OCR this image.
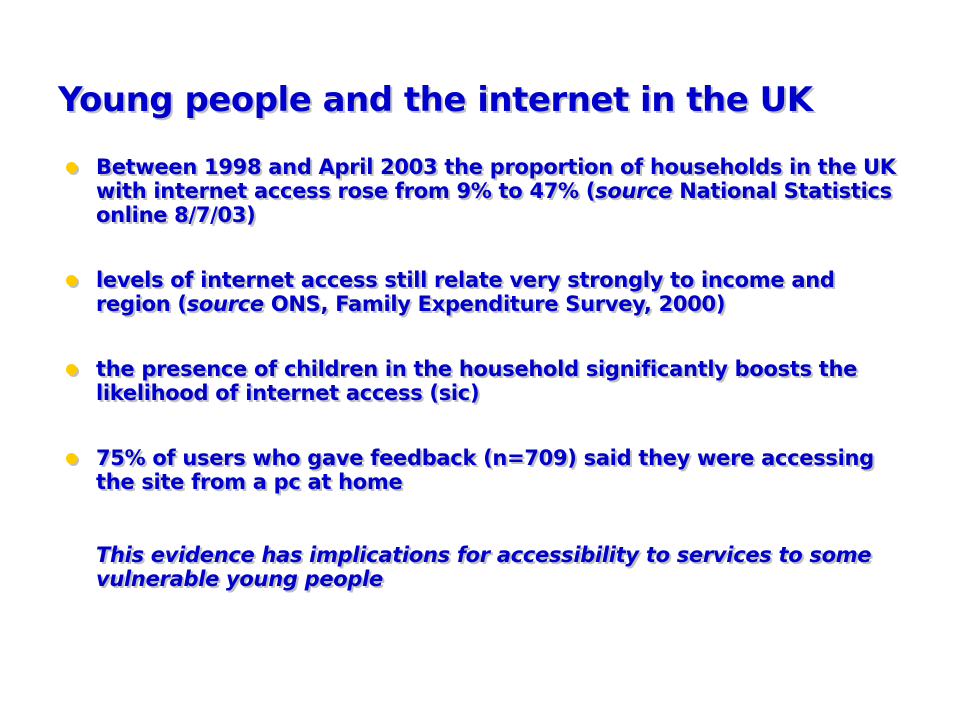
Young people and the internet in the UK
Between 1998 and April 2003 the proportion of households in the UK with internet access rose from 9% to 47% (source National Statistics online 8/7/03)
levels of internet access still relate very strongly to income and region (source ONS, Family Expenditure Survey, 2000)
the presence of children in the household significantly boosts the likelihood of internet access (sic)
75% of users who gave feedback (n=709) said they were accessing the site from a pc at home

This evidence has implications for accessibility to services to some vulnerable young people
